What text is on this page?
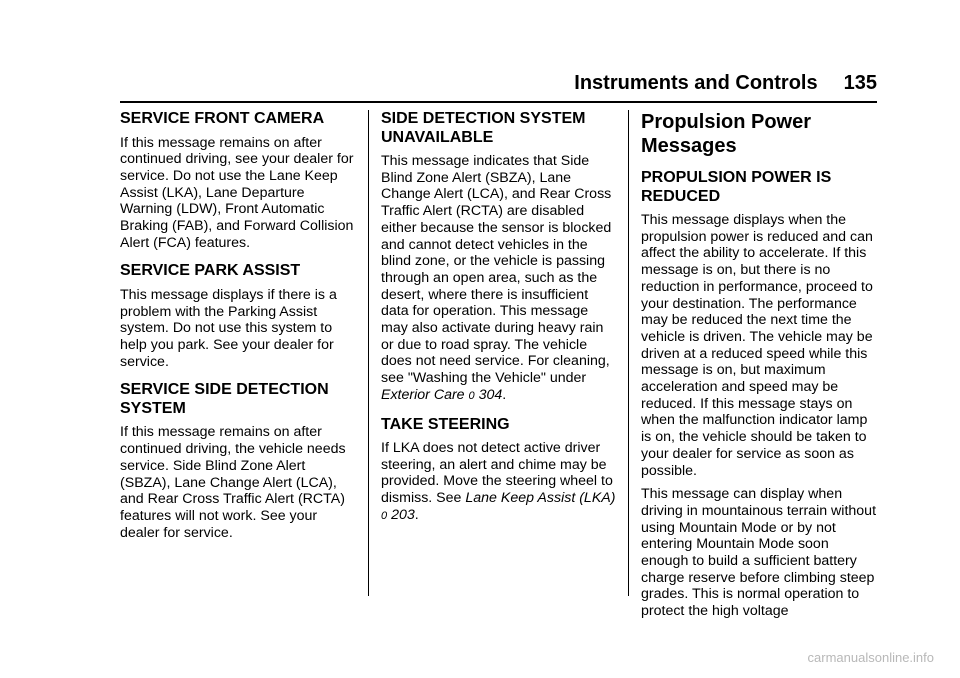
Instruments and Controls 135
SERVICE FRONT CAMERA

If this message remains on after continued driving, see your dealer for service. Do not use the Lane Keep Assist (LKA), Lane Departure Warning (LDW), Front Automatic Braking (FAB), and Forward Collision Alert (FCA) features.

SERVICE PARK ASSIST

This message displays if there is a problem with the Parking Assist system. Do not use this system to help you park. See your dealer for service.

SERVICE SIDE DETECTION SYSTEM

If this message remains on after continued driving, the vehicle needs service. Side Blind Zone Alert (SBZA), Lane Change Alert (LCA), and Rear Cross Traffic Alert (RCTA) features will not work. See your dealer for service.

SIDE DETECTION SYSTEM UNAVAILABLE

This message indicates that Side Blind Zone Alert (SBZA), Lane Change Alert (LCA), and Rear Cross Traffic Alert (RCTA) are disabled either because the sensor is blocked and cannot detect vehicles in the blind zone, or the vehicle is passing through an open area, such as the desert, where there is insufficient data for operation. This message may also activate during heavy rain or due to road spray. The vehicle does not need service. For cleaning, see "Washing the Vehicle" under
Exterior Care 0 304.

TAKE STEERING

If LKA does not detect active driver steering, an alert and chime may be provided. Move the steering wheel to dismiss. See Lane Keep Assist (LKA) 0 203.

Propulsion Power Messages
PROPULSION POWER IS REDUCED

This message displays when the propulsion power is reduced and can affect the ability to accelerate. If this message is on, but there is no reduction in performance, proceed to your destination. The performance may be reduced the next time the vehicle is driven. The vehicle may be driven at a reduced speed while this message is on, but maximum acceleration and speed may be reduced. If this message stays on when the malfunction indicator lamp is on, the vehicle should be taken to your dealer for service as soon as possible.

This message can display when driving in mountainous terrain without using Mountain Mode or by not entering Mountain Mode soon enough to build a sufficient battery charge reserve before climbing steep grades. This is normal operation to protect the high voltage

carmanualsonline.info
